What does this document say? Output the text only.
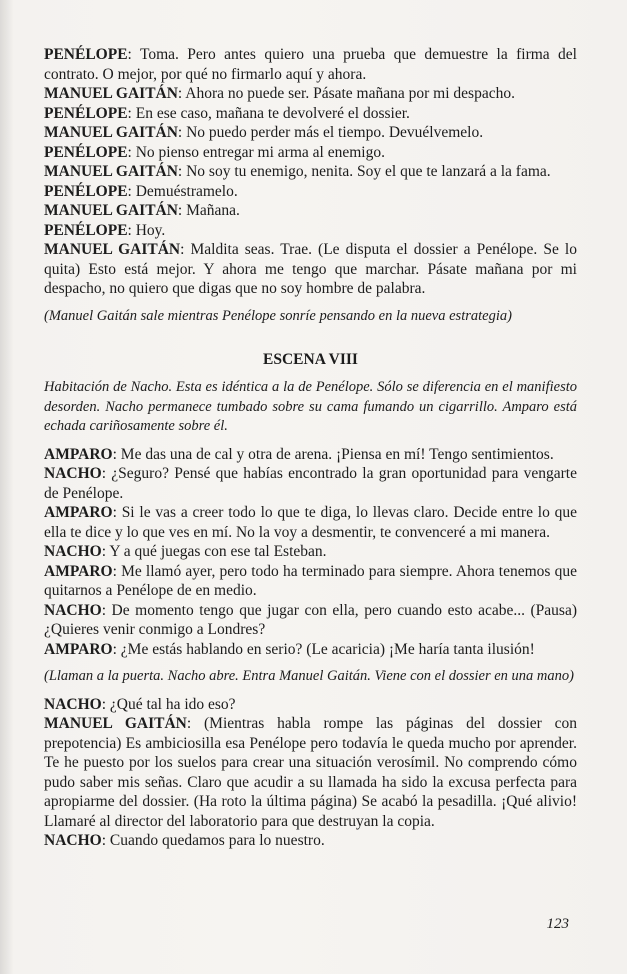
PENÉLOPE: Toma. Pero antes quiero una prueba que demuestre la firma del contrato. O mejor, por qué no firmarlo aquí y ahora.

MANUEL GAITÁN: Ahora no puede ser. Pásate mañana por mi despacho.

PENÉLOPE: En ese caso, mañana te devolveré el dossier.

MANUEL GAITÁN: No puedo perder más el tiempo. Devuélvemelo.

PENÉLOPE: No pienso entregar mi arma al enemigo.

MANUEL GAITÁN: No soy tu enemigo, nenita. Soy el que te lanzará a la fama.

PENÉLOPE: Demuéstramelo.

MANUEL GAITÁN: Mañana.

PENÉLOPE: Hoy.

MANUEL GAITÁN: Maldita seas. Trae. (Le disputa el dossier a Penélope. Se lo quita) Esto está mejor. Y ahora me tengo que marchar. Pásate mañana por mi despacho, no quiero que digas que no soy hombre de palabra.

(Manuel Gaitán sale mientras Penélope sonríe pensando en la nueva estrategia)

ESCENA VIII

Habitación de Nacho. Esta es idéntica a la de Penélope. Sólo se diferencia en el manifiesto desorden. Nacho permanece tumbado sobre su cama fumando un cigarrillo. Amparo está echada cariñosamente sobre él.

AMPARO: Me das una de cal y otra de arena. ¡Piensa en mí! Tengo sentimientos.

NACHO: ¿Seguro? Pensé que habías encontrado la gran oportunidad para vengarte de Penélope.

AMPARO: Si le vas a creer todo lo que te diga, lo llevas claro. Decide entre lo que ella te dice y lo que ves en mí. No la voy a desmentir, te convenceré a mi manera.

NACHO: Y a qué juegas con ese tal Esteban.

AMPARO: Me llamó ayer, pero todo ha terminado para siempre. Ahora tenemos que quitarnos a Penélope de en medio.

NACHO: De momento tengo que jugar con ella, pero cuando esto acabe... (Pausa) ¿Quieres venir conmigo a Londres?

AMPARO: ¿Me estás hablando en serio? (Le acaricia) ¡Me haría tanta ilusión!

(Llaman a la puerta. Nacho abre. Entra Manuel Gaitán. Viene con el dossier en una mano)

NACHO: ¿Qué tal ha ido eso?

MANUEL GAITÁN: (Mientras habla rompe las páginas del dossier con prepotencia) Es ambiciosilla esa Penélope pero todavía le queda mucho por aprender. Te he puesto por los suelos para crear una situación verosímil. No comprendo cómo pudo saber mis señas. Claro que acudir a su llamada ha sido la excusa perfecta para apropiarme del dossier. (Ha roto la última página) Se acabó la pesadilla. ¡Qué alivio! Llamaré al director del laboratorio para que destruyan la copia.

NACHO: Cuando quedamos para lo nuestro.

123
